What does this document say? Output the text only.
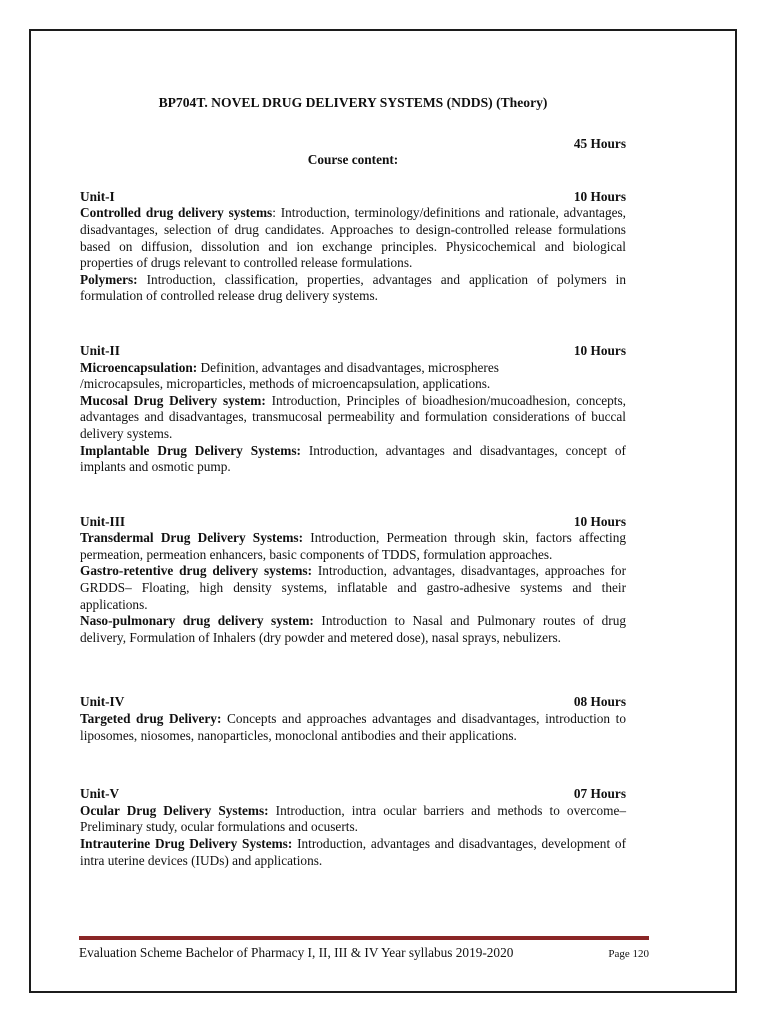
BP704T. NOVEL DRUG DELIVERY SYSTEMS (NDDS) (Theory)
45 Hours
Course content:
Unit-I	10 Hours

Controlled drug delivery systems: Introduction, terminology/definitions and rationale, advantages, disadvantages, selection of drug candidates. Approaches to design-controlled release formulations based on diffusion, dissolution and ion exchange principles. Physicochemical and biological properties of drugs relevant to controlled release formulations.

Polymers: Introduction, classification, properties, advantages and application of polymers in formulation of controlled release drug delivery systems.

Unit-II	10 Hours

Microencapsulation: Definition, advantages and disadvantages, microspheres
/microcapsules, microparticles, methods of microencapsulation, applications.

Mucosal Drug Delivery system: Introduction, Principles of bioadhesion/mucoadhesion, concepts, advantages and disadvantages, transmucosal permeability and formulation considerations of buccal delivery systems.

Implantable Drug Delivery Systems: Introduction, advantages and disadvantages, concept of implants and osmotic pump.

Unit-III	10 Hours

Transdermal Drug Delivery Systems: Introduction, Permeation through skin, factors affecting permeation, permeation enhancers, basic components of TDDS, formulation approaches.

Gastro-retentive drug delivery systems: Introduction, advantages, disadvantages, approaches for GRDDS– Floating, high density systems, inflatable and gastro-adhesive systems and their applications.

Naso-pulmonary drug delivery system: Introduction to Nasal and Pulmonary routes of drug delivery, Formulation of Inhalers (dry powder and metered dose), nasal sprays, nebulizers.

Unit-IV	08 Hours

Targeted drug Delivery: Concepts and approaches advantages and disadvantages, introduction to liposomes, niosomes, nanoparticles, monoclonal antibodies and their applications.

Unit-V	07 Hours

Ocular Drug Delivery Systems: Introduction, intra ocular barriers and methods to overcome– Preliminary study, ocular formulations and ocuserts.

Intrauterine Drug Delivery Systems: Introduction, advantages and disadvantages, development of intra uterine devices (IUDs) and applications.

Evaluation Scheme Bachelor of Pharmacy I, II, III & IV Year syllabus 2019-2020	Page 120
